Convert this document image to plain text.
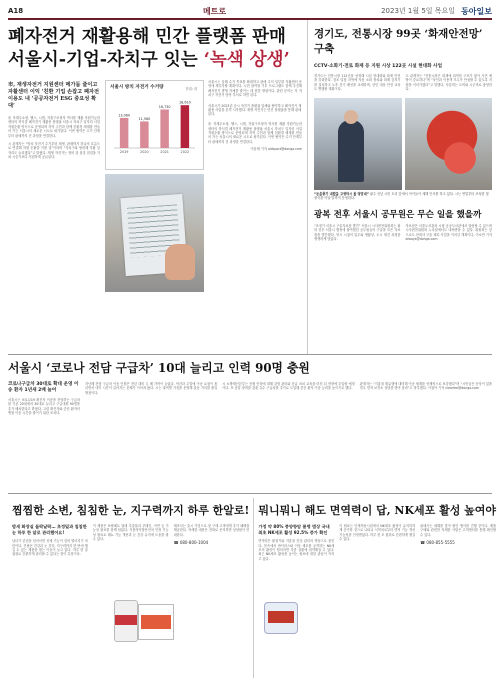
A18	메트로	2023년 1월 5일 목요일 동아일보
폐자전거 재활용해 민간 플랫폼 판매
서울시-기업-자치구 잇는 ‘녹색 상생’

市, 재생자전거 지원센터 메가둠 줄이고 자활센터 이익 ‘친환 기업 손잡고 폐자전 이용도 내 ’공공자전거 ESG 중요성 확대’

市 자재무소형, 헬스, 시범, 자율구조형자 역사를 재활 자원가능한 센터의 학식결 폐자전거 재활용 플랫폼 서울시 자치구 일자리 사업 자원순환 방식으로 운영되며 지역 주민과 함께 친환경 체계를 만들어 가는 서울시의 새로운 시도로 평가된다. 이번 협약은 수거 단계부터 판매까지 전 과정을 연결한다.

시 관계자는 “방치 자전거 수거부터 재생, 판매까지 하나의 흐름으로 연결해 자원 순환을 이룰 것”이라며 “자치구와 협력해 자활 일자리도 늘리겠다”고 밝혔다. 재생 자전거는 정비 뒤 품질 점검을 거쳐 시중가보다 저렴하게 공급된다.

서울시 방치 자전거 수거량	단위: 대
13,060
2019
11,560
2020
16,730
2021
18,610
2022

서울시는 올해 수거 목표를 확대하고 판매 수익 일부를 자활센터 운영에 재투자할 계획이다. 시민 참여형 기부 프로그램도 함께 추진해 폐자전거 발생 자체를 줄이는 데 힘쓸 방침이다. 관련 문의는 각 자치구 자전거 담당 부서로 하면 된다.

서울시가 2023년 공시 자전거 플랫폼 업체와 협약하고 폐자전거 재활용 사업을 본격 시작했다. 재생 자전거는 민간 플랫폼을 통해 판매된다.

市 자재무소형, 헬스, 시범, 자율구조형자 역사를 재활 자원가능한 센터의 학식결 폐자전거 재활용 플랫폼 서울시 자치구 일자리 사업 자원순환 방식으로 운영되며 지역 주민과 함께 친환경 체계를 만들어 가는 서울시의 새로운 시도로 평가된다. 이번 협약은 수거 단계부터 판매까지 전 과정을 연결한다.

이윤태 기자 oldsport@donga.com
경기도, 전통시장 99곳 ‘화재안전망’ 구축

CCTV·소화기·전로 화재 등 지원 시상 122곳 시설 현대화 사업

경기도는 전통시장 112곳을 선정해 시설 현대화와 화재 안전을 강화한다. 점포 밀집 지역에 자동 소화 장치와 화재 감지기를 설치하고 노후 전기 배선을 교체하며, 상인 대상 안전 교육도 병행할 계획이다.

도 관계자는 “전통시장은 화재에 취약한 구조가 많아 사전 예방이 중요하다”며 “상인과 이용객 모두가 안심할 수 있도록 지원을 이어가겠다”고 말했다. 사업비는 도비와 시군비로 충당한다.

“돈을풍기 내렸을 고생하시 볼 당맞대” 광주 신년 시민 트리 앞에서 아이들이 새해 인사를 하고 있다. 시는 연말부터 조성한 빛 장식을 이달 말까지 운영한다.

광복 전후 서울시 공무원은 무슨 일을 했을까

“조정기 서울시 구술자료집 발간” 서울시 시사편찬위원회는 광복 전후 서울시 행정에 참여했던 공무원들의 구술을 모은 자료집을 발간했다. 당시 시청의 업무와 생활상, 도시 재건 과정을 생생하게 담았다.

자료집은 서울도서관과 시립 공공도서관에서 열람할 수 있으며 시사편찬위원회 누리집에서도 내려받을 수 있다. 위원회는 앞으로도 현대사 구술 채록 사업을 이어갈 계획이다. 이소연 기자 always@donga.com

서울시 ‘코로나 전담 구급차’ 10대 늘리고 인력 90명 충원

코로나구급차 30대로 확대 운영 이송 환자 1년새 2배 늘어

서울시는 코로나19 확진자 이송을 전담하는 구급차를 기존 20대에서 30대로 늘리고 구급대원 90명을 추가 배치한다고 밝혔다. 고령 확진자와 중증 환자의 병원 이송 시간을 줄이기 위한 조치다.

지난해 전담 구급차 이송 인원은 전년 대비 두 배 가까이 늘었다. 야간과 주말에 이송 요청이 몰리면서 대기 시간이 길어지는 문제가 이어져 왔다. 시는 권역별 거점을 운영해 출동 거리를 줄일 방침이다.

시 소방재난본부는 증원 인력에 대해 감염 관리와 응급 처치 교육을 마친 뒤 현장에 투입할 예정이다. 또 음압 장비를 갖춘 특수 구급차를 추가로 도입해 중증 환자 이송 능력을 높이기로 했다.

관계자는 “겨울철 재유행에 대비해 이송 체계를 선제적으로 보강했다”며 “시민들은 증상이 있을 경우 먼저 보건소 상담을 받아 달라”고 당부했다. 이청아 기자 clearlee@donga.com

찜찜한 소변, 침침한 눈, 지구력까지 하루 한알로!

밤새 화장실 들락날락… 초정밀과 침침한 눈 하루 한 알로 관리했어요!

남녀가 중년을 넘어서면 신체 기능이 점차 떨어지기 마련이다. 전립선 건강과 눈 건강, 지구력까지 한 번에 챙길 수 있는 제품을 찾는 이들이 늘고 있다. 하루 한 알 섭취로 간편하게 관리할 수 있다는 점이 특징이다.

이 제품은 쏘팔메토 열매 추출물과 루테인, 아연 등 기능성 원료를 함께 담았다. 식품의약품안전처 인정 기능성 원료로 배뇨 기능 개선과 눈 건강 유지에 도움을 줄 수 있다.

제조사는 출시 기념으로 첫 구매 고객에게 추가 혜택을 제공한다. 자세한 내용은 전화로 문의하면 상담원이 안내한다.

☎ 080-800-1004
뭐니뭐니 해도 면역력이 답, NK세포 활성 높여야

가정 약 80% 종양항암 품명 범상 국내 최초 NK세포 활성 92.5% 증가 확인

면역력은 환절기와 겨울철 건강 관리의 핵심으로 꼽힌다. 몸속에서 바이러스와 이상 세포를 공격하는 NK세포의 활성이 떨어지면 각종 질환에 취약해질 수 있다. 최근 NK세포 활성을 높이는 원료에 대한 관심이 커지고 있다.

이 원료는 인체적용시험에서 NK세포 활성이 유의미하게 증가한 것으로 나타나 식약처로부터 면역 기능 개선 기능성을 인정받았다. 하루 한 포 섭취로 간편하게 챙길 수 있다.

판매사는 새해를 맞아 할인 행사를 진행 중이다. 제품 구매와 관련한 자세한 사항은 고객센터를 통해 확인할 수 있다.

☎ 080-855-5555
